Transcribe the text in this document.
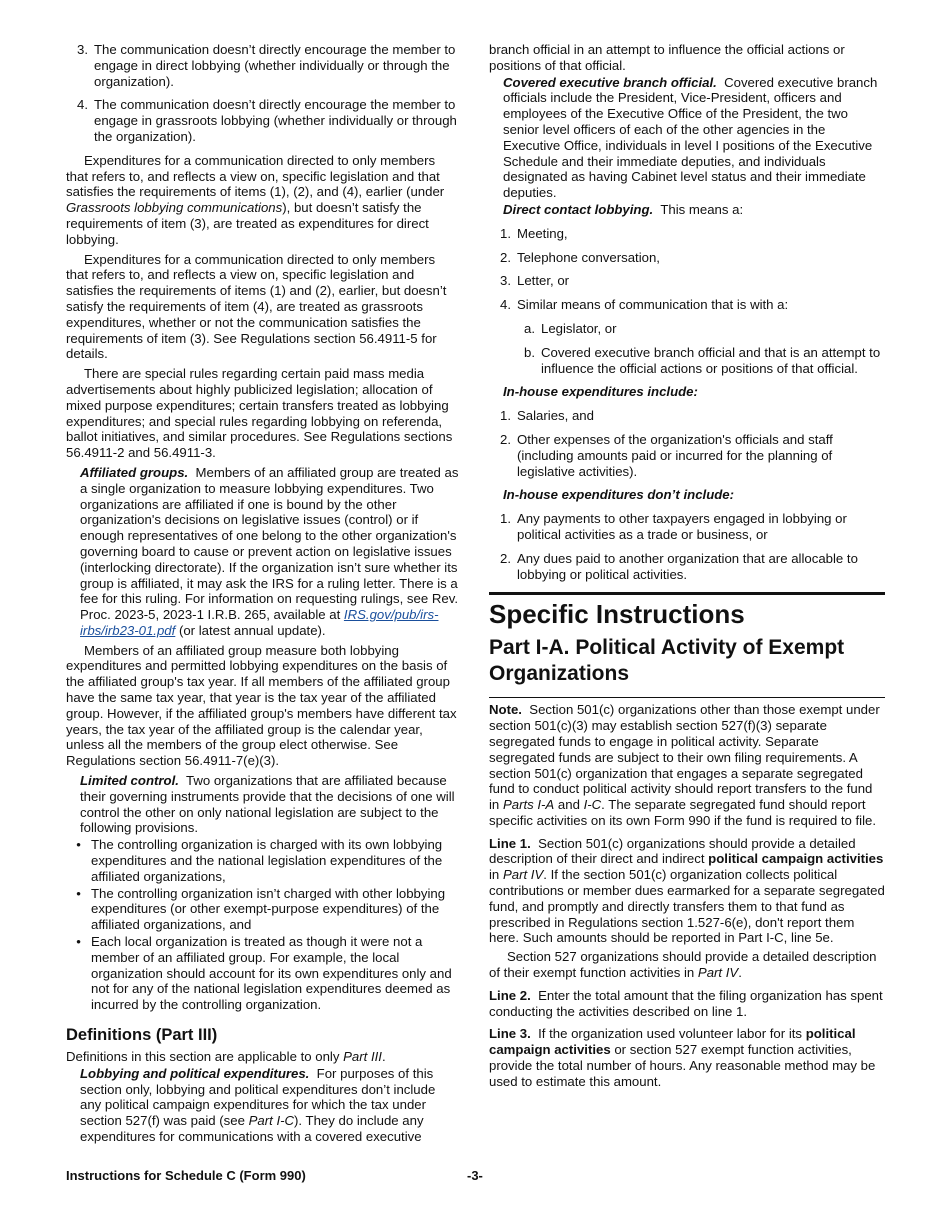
3. The communication doesn’t directly encourage the member to engage in direct lobbying (whether individually or through the organization).
4. The communication doesn’t directly encourage the member to engage in grassroots lobbying (whether individually or through the organization).

Expenditures for a communication directed to only members that refers to, and reflects a view on, specific legislation and that satisfies the requirements of items (1), (2), and (4), earlier (under Grassroots lobbying communications), but doesn’t satisfy the requirements of item (3), are treated as expenditures for direct lobbying.

Expenditures for a communication directed to only members that refers to, and reflects a view on, specific legislation and satisfies the requirements of items (1) and (2), earlier, but doesn’t satisfy the requirements of item (4), are treated as grassroots expenditures, whether or not the communication satisfies the requirements of item (3). See Regulations section 56.4911-5 for details.

There are special rules regarding certain paid mass media advertisements about highly publicized legislation; allocation of mixed purpose expenditures; certain transfers treated as lobbying expenditures; and special rules regarding lobbying on referenda, ballot initiatives, and similar procedures. See Regulations sections 56.4911-2 and 56.4911-3.

Affiliated groups. Members of an affiliated group are treated as a single organization to measure lobbying expenditures. Two organizations are affiliated if one is bound by the other organization's decisions on legislative issues (control) or if enough representatives of one belong to the other organization's governing board to cause or prevent action on legislative issues (interlocking directorate). If the organization isn’t sure whether its group is affiliated, it may ask the IRS for a ruling letter. There is a fee for this ruling. For information on requesting rulings, see Rev. Proc. 2023-5, 2023-1 I.R.B. 265, available at IRS.gov/pub/irs-irbs/irb23-01.pdf (or latest annual update).

Members of an affiliated group measure both lobbying expenditures and permitted lobbying expenditures on the basis of the affiliated group's tax year. If all members of the affiliated group have the same tax year, that year is the tax year of the affiliated group. However, if the affiliated group's members have different tax years, the tax year of the affiliated group is the calendar year, unless all the members of the group elect otherwise. See Regulations section 56.4911-7(e)(3).

Limited control. Two organizations that are affiliated because their governing instruments provide that the decisions of one will control the other on only national legislation are subject to the following provisions.

• The controlling organization is charged with its own lobbying expenditures and the national legislation expenditures of the affiliated organizations,
• The controlling organization isn’t charged with other lobbying expenditures (or other exempt-purpose expenditures) of the affiliated organizations, and
• Each local organization is treated as though it were not a member of an affiliated group. For example, the local organization should account for its own expenditures only and not for any of the national legislation expenditures deemed as incurred by the controlling organization.
Definitions (Part III)

Definitions in this section are applicable to only Part III.

Lobbying and political expenditures. For purposes of this section only, lobbying and political expenditures don’t include any political campaign expenditures for which the tax under section 527(f) was paid (see Part I-C). They do include any expenditures for communications with a covered executive

branch official in an attempt to influence the official actions or positions of that official.

Covered executive branch official. Covered executive branch officials include the President, Vice-President, officers and employees of the Executive Office of the President, the two senior level officers of each of the other agencies in the Executive Office, individuals in level I positions of the Executive Schedule and their immediate deputies, and individuals designated as having Cabinet level status and their immediate deputies.

Direct contact lobbying. This means a:

1. Meeting,
2. Telephone conversation,
3. Letter, or
4. Similar means of communication that is with a:
a. Legislator, or
b. Covered executive branch official and that is an attempt to influence the official actions or positions of that official.

In-house expenditures include:

1. Salaries, and
2. Other expenses of the organization's officials and staff (including amounts paid or incurred for the planning of legislative activities).

In-house expenditures don’t include:

1. Any payments to other taxpayers engaged in lobbying or political activities as a trade or business, or
2. Any dues paid to another organization that are allocable to lobbying or political activities.
Specific Instructions
Part I-A. Political Activity of Exempt Organizations

Note. Section 501(c) organizations other than those exempt under section 501(c)(3) may establish section 527(f)(3) separate segregated funds to engage in political activity. Separate segregated funds are subject to their own filing requirements. A section 501(c) organization that engages a separate segregated fund to conduct political activity should report transfers to the fund in Parts I-A and I-C. The separate segregated fund should report specific activities on its own Form 990 if the fund is required to file.

Line 1. Section 501(c) organizations should provide a detailed description of their direct and indirect political campaign activities in Part IV. If the section 501(c) organization collects political contributions or member dues earmarked for a separate segregated fund, and promptly and directly transfers them to that fund as prescribed in Regulations section 1.527-6(e), don't report them here. Such amounts should be reported in Part I-C, line 5e.

Section 527 organizations should provide a detailed description of their exempt function activities in Part IV.

Line 2. Enter the total amount that the filing organization has spent conducting the activities described on line 1.

Line 3. If the organization used volunteer labor for its political campaign activities or section 527 exempt function activities, provide the total number of hours. Any reasonable method may be used to estimate this amount.

Instructions for Schedule C (Form 990)	-3-
